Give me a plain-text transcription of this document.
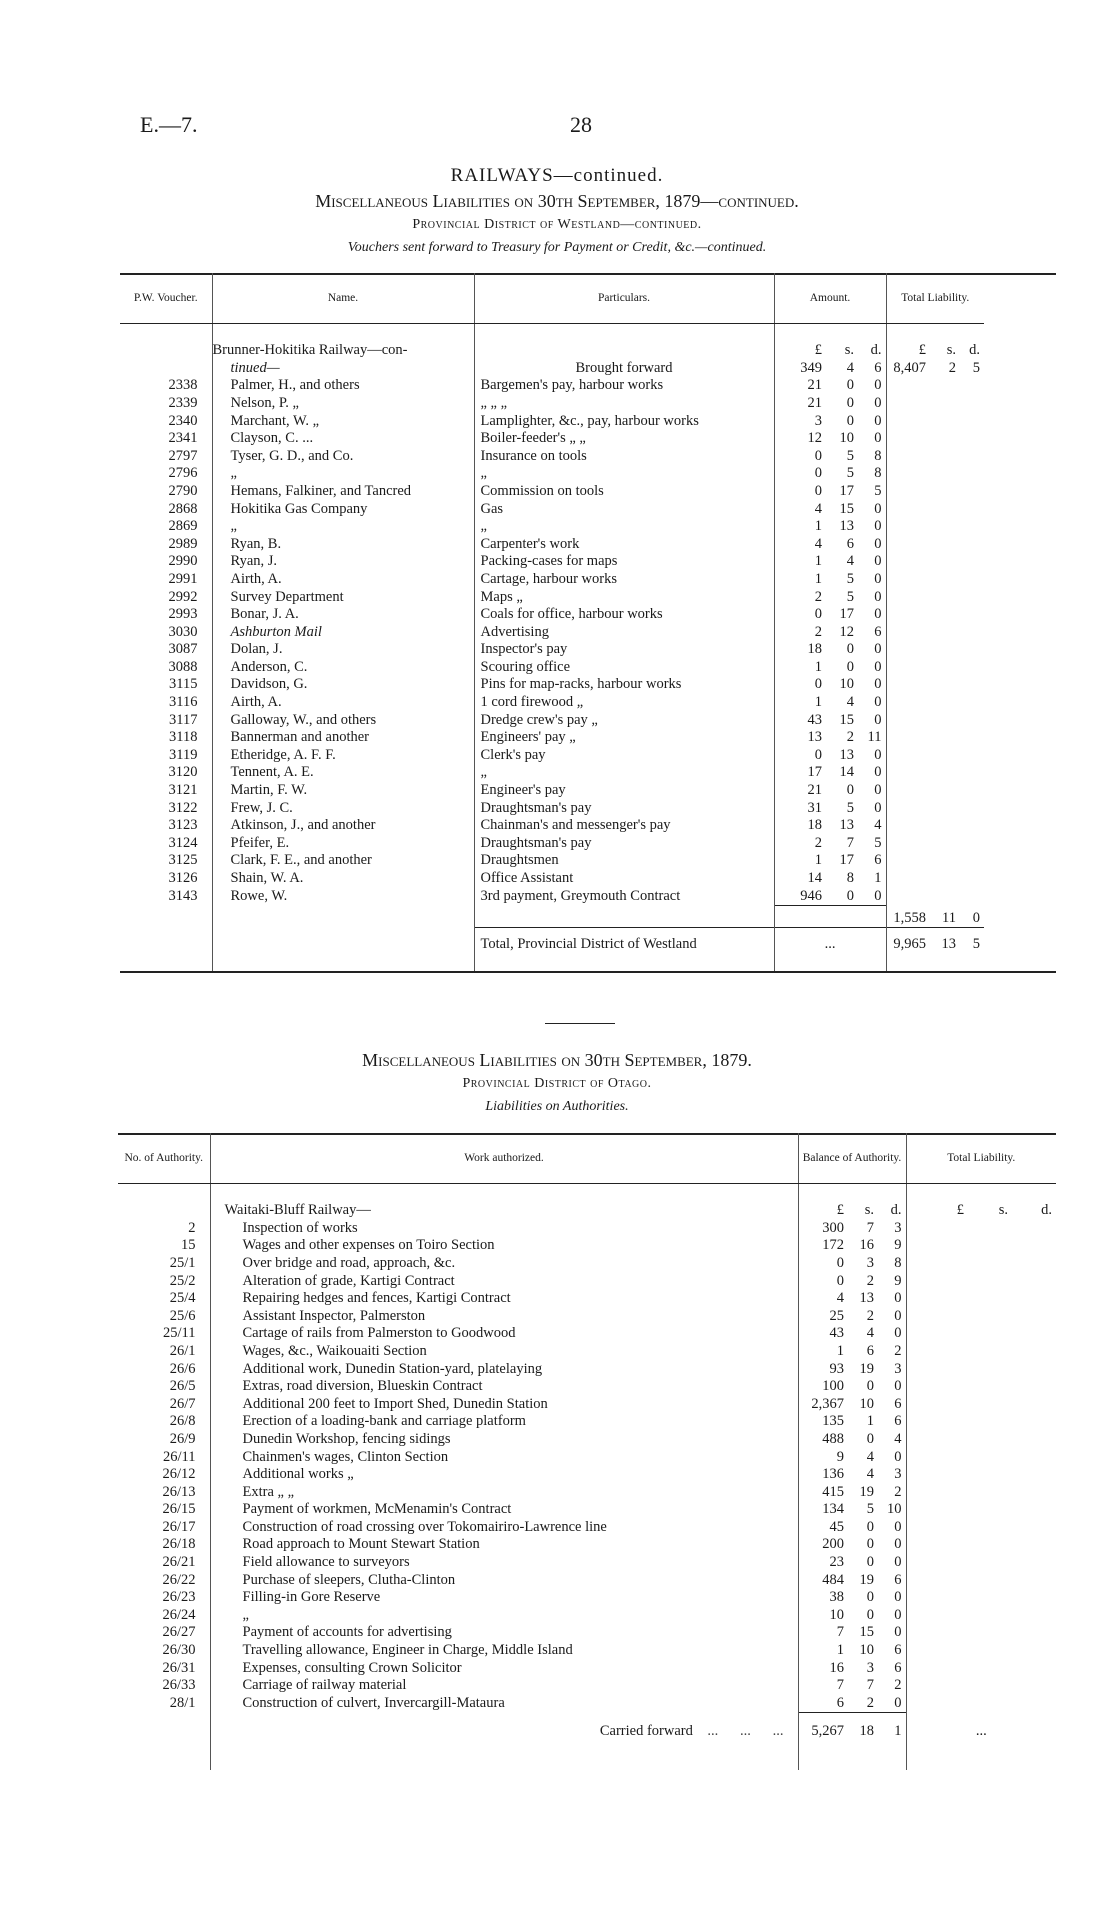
E.—7.	28
RAILWAYS—continued.
Miscellaneous Liabilities on 30th September, 1879—continued.
Provincial District of Westland—continued.
Vouchers sent forward to Treasury for Payment or Credit, &c.—continued.
P.W. Voucher.	Name.	Particulars.	Amount.			Total Liability.		

	Brunner-Hokitika Railway—con-		£	s.	d.	£	s.	d.
	tinued—	Brought forward	349	4	6	8,407	2	5
2338	Palmer, H., and others	Bargemen's pay, harbour works	21	0	0			
2339	Nelson, P. „	„ „ „	21	0	0			
2340	Marchant, W. „	Lamplighter, &c., pay, harbour works	3	0	0			
2341	Clayson, C. ...	Boiler-feeder's „ „	12	10	0			
2797	Tyser, G. D., and Co.	Insurance on tools	0	5	8			
2796	„	„	0	5	8			
2790	Hemans, Falkiner, and Tancred	Commission on tools	0	17	5			
2868	Hokitika Gas Company	Gas	4	15	0			
2869	„	„	1	13	0			
2989	Ryan, B.	Carpenter's work	4	6	0			
2990	Ryan, J.	Packing-cases for maps	1	4	0			
2991	Airth, A.	Cartage, harbour works	1	5	0			
2992	Survey Department	Maps „	2	5	0			
2993	Bonar, J. A.	Coals for office, harbour works	0	17	0			
3030	Ashburton Mail	Advertising	2	12	6			
3087	Dolan, J.	Inspector's pay	18	0	0			
3088	Anderson, C.	Scouring office	1	0	0			
3115	Davidson, G.	Pins for map-racks, harbour works	0	10	0			
3116	Airth, A.	1 cord firewood „	1	4	0			
3117	Galloway, W., and others	Dredge crew's pay „	43	15	0			
3118	Bannerman and another	Engineers' pay „	13	2	11			
3119	Etheridge, A. F. F.	Clerk's pay	0	13	0			
3120	Tennent, A. E.	„	17	14	0			
3121	Martin, F. W.	Engineer's pay	21	0	0			
3122	Frew, J. C.	Draughtsman's pay	31	5	0			
3123	Atkinson, J., and another	Chainman's and messenger's pay	18	13	4			
3124	Pfeifer, E.	Draughtsman's pay	2	7	5			
3125	Clark, F. E., and another	Draughtsmen	1	17	6			
3126	Shain, W. A.	Office Assistant	14	8	1			
3143	Rowe, W.	3rd payment, Greymouth Contract	946	0	0			
						1,558	11	0
		Total, Provincial District of Westland	...			9,965	13	5

Miscellaneous Liabilities on 30th September, 1879.
Provincial District of Otago.
Liabilities on Authorities.
No. of Authority.	Work authorized.	Balance of Authority.			Total Liability.		

	Waitaki-Bluff Railway—	£	s.	d.	£	s.	d.
2	Inspection of works	300	7	3			
15	Wages and other expenses on Toiro Section	172	16	9			
25/1	Over bridge and road, approach, &c.	0	3	8			
25/2	Alteration of grade, Kartigi Contract	0	2	9			
25/4	Repairing hedges and fences, Kartigi Contract	4	13	0			
25/6	Assistant Inspector, Palmerston	25	2	0			
25/11	Cartage of rails from Palmerston to Goodwood	43	4	0			
26/1	Wages, &c., Waikouaiti Section	1	6	2			
26/6	Additional work, Dunedin Station-yard, platelaying	93	19	3			
26/5	Extras, road diversion, Blueskin Contract	100	0	0			
26/7	Additional 200 feet to Import Shed, Dunedin Station	2,367	10	6			
26/8	Erection of a loading-bank and carriage platform	135	1	6			
26/9	Dunedin Workshop, fencing sidings	488	0	4			
26/11	Chainmen's wages, Clinton Section	9	4	0			
26/12	Additional works „	136	4	3			
26/13	Extra „ „	415	19	2			
26/15	Payment of workmen, McMenamin's Contract	134	5	10			
26/17	Construction of road crossing over Tokomairiro-Lawrence line	45	0	0			
26/18	Road approach to Mount Stewart Station	200	0	0			
26/21	Field allowance to surveyors	23	0	0			
26/22	Purchase of sleepers, Clutha-Clinton	484	19	6			
26/23	Filling-in Gore Reserve	38	0	0			
26/24	„	10	0	0			
26/27	Payment of accounts for advertising	7	15	0			
26/30	Travelling allowance, Engineer in Charge, Middle Island	1	10	6			
26/31	Expenses, consulting Crown Solicitor	16	3	6			
26/33	Carriage of railway material	7	7	2			
28/1	Construction of culvert, Invercargill-Mataura	6	2	0			
	Carried forward    ...      ...      ...	5,267	18	1	...		
